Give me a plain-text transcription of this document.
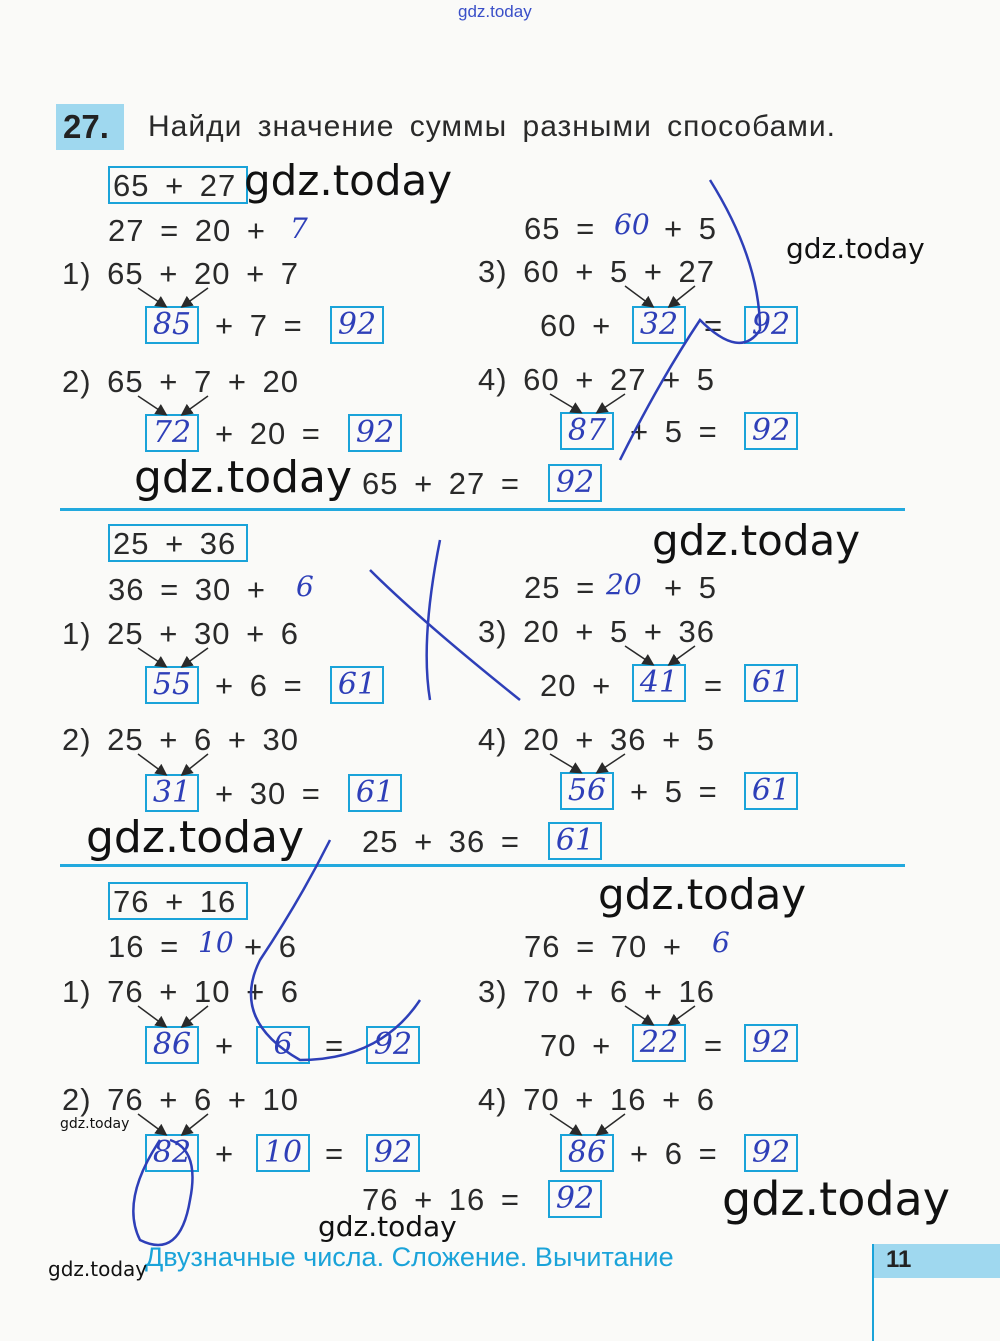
gdz.today
27. Найди значение суммы разными способами.
65 + 27
27 = 20 + 7
1) 65 + 20 + 7
85 + 7 = 92
2) 65 + 7 + 20
72 + 20 = 92
65 = 60 + 5
3) 60 + 5 + 27
60 + 32 = 92
4) 60 + 27 + 5
87 + 5 = 92
65 + 27 = 92
25 + 36
36 = 30 + 6
1) 25 + 30 + 6
55 + 6 = 61
2) 25 + 6 + 30
31 + 30 = 61
25 = 20 + 5
3) 20 + 5 + 36
20 + 41 = 61
4) 20 + 36 + 5
56 + 5 = 61
25 + 36 = 61
76 + 16
16 = 10 + 6
1) 76 + 10 + 6
86 +	6	= 92
2) 76 + 6 + 10
82 + 10 = 92
76 = 70 + 6
3) 70 + 6 + 16
70 + 22 = 92
4) 70 + 16 + 6
86 + 6 = 92
76 + 16 = 92
Двузначные числа. Сложение. Вычитание	11
gdz.today
gdz.today
gdz.today
gdz.today
gdz.today
gdz.today
gdz.today
gdz.today
gdz.today
gdz.today
